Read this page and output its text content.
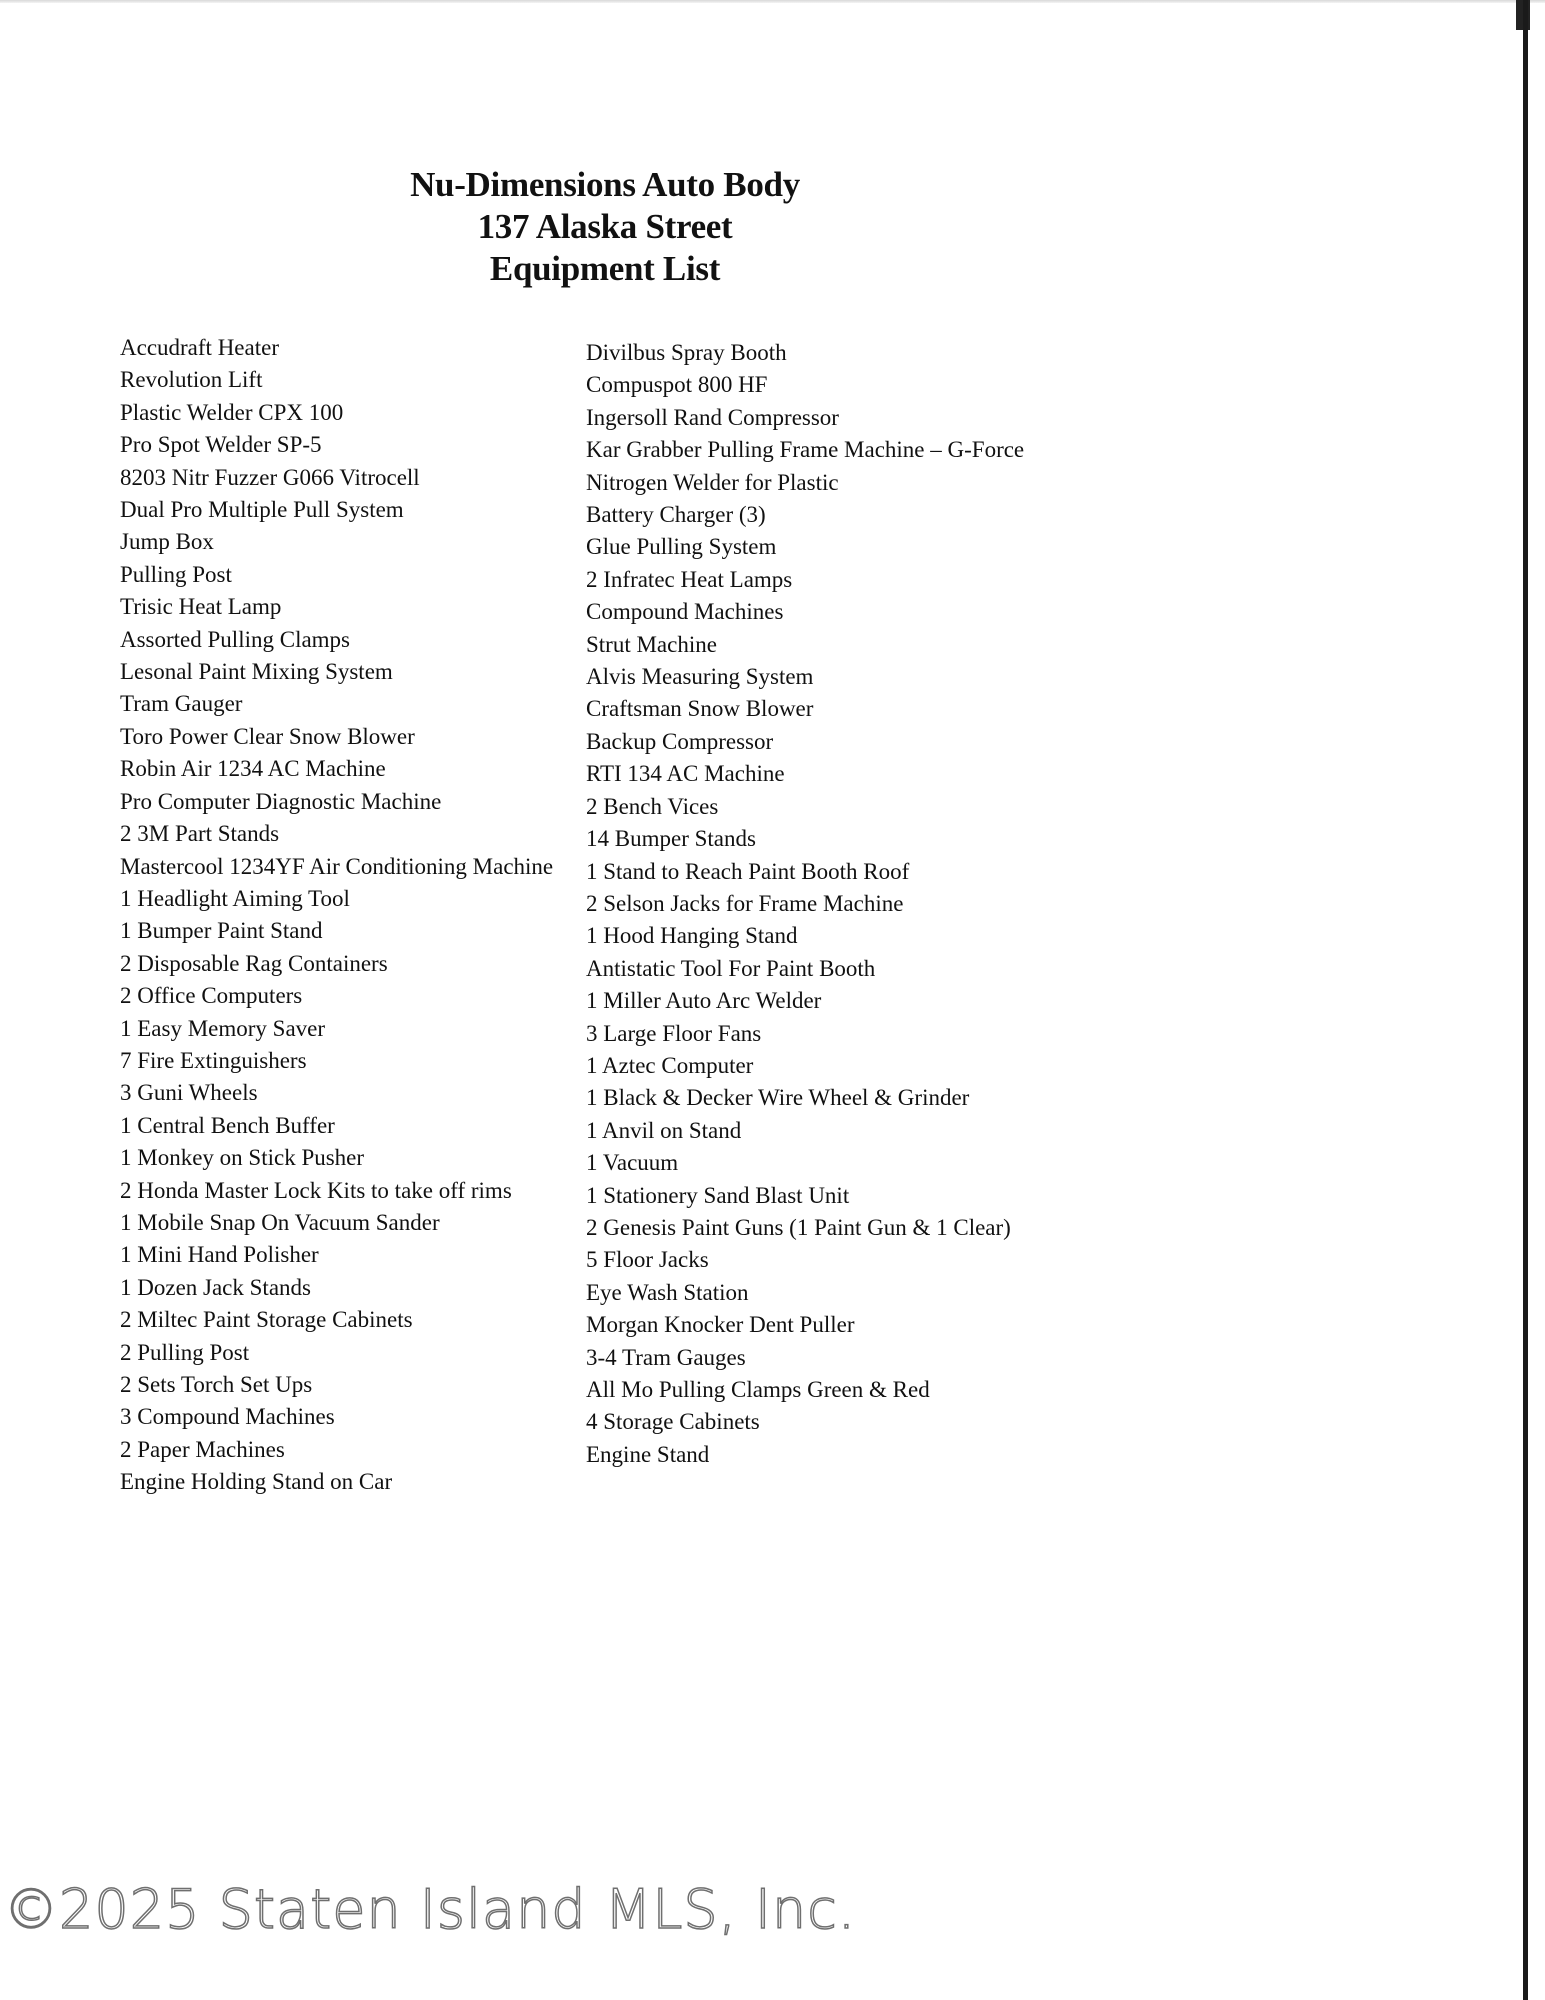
Nu-Dimensions Auto Body
137 Alaska Street
Equipment List
Accudraft Heater
Revolution Lift
Plastic Welder CPX 100
Pro Spot Welder SP-5
8203 Nitr Fuzzer G066 Vitrocell
Dual Pro Multiple Pull System
Jump Box
Pulling Post
Trisic Heat Lamp
Assorted Pulling Clamps
Lesonal Paint Mixing System
Tram Gauger
Toro Power Clear Snow Blower
Robin Air 1234 AC Machine
Pro Computer Diagnostic Machine
2 3M Part Stands
Mastercool 1234YF Air Conditioning Machine
1 Headlight Aiming Tool
1 Bumper Paint Stand
2 Disposable Rag Containers
2 Office Computers
1 Easy Memory Saver
7 Fire Extinguishers
3 Guni Wheels
1 Central Bench Buffer
1 Monkey on Stick Pusher
2 Honda Master Lock Kits to take off rims
1 Mobile Snap On Vacuum Sander
1 Mini Hand Polisher
1 Dozen Jack Stands
2 Miltec Paint Storage Cabinets
2 Pulling Post
2 Sets Torch Set Ups
3 Compound Machines
2 Paper Machines
Engine Holding Stand on Car
Divilbus Spray Booth
Compuspot 800 HF
Ingersoll Rand Compressor
Kar Grabber Pulling Frame Machine – G-Force
Nitrogen Welder for Plastic
Battery Charger (3)
Glue Pulling System
2 Infratec Heat Lamps
Compound Machines
Strut Machine
Alvis Measuring System
Craftsman Snow Blower
Backup Compressor
RTI 134 AC Machine
2 Bench Vices
14 Bumper Stands
1 Stand to Reach Paint Booth Roof
2 Selson Jacks for Frame Machine
1 Hood Hanging Stand
Antistatic Tool For Paint Booth
1 Miller Auto Arc Welder
3 Large Floor Fans
1 Aztec Computer
1 Black & Decker Wire Wheel & Grinder
1 Anvil on Stand
1 Vacuum
1 Stationery Sand Blast Unit
2 Genesis Paint Guns (1 Paint Gun & 1 Clear)
5 Floor Jacks
Eye Wash Station
Morgan Knocker Dent Puller
3-4 Tram Gauges
All Mo Pulling Clamps Green & Red
4 Storage Cabinets
Engine Stand
©2025 Staten Island MLS, Inc.
